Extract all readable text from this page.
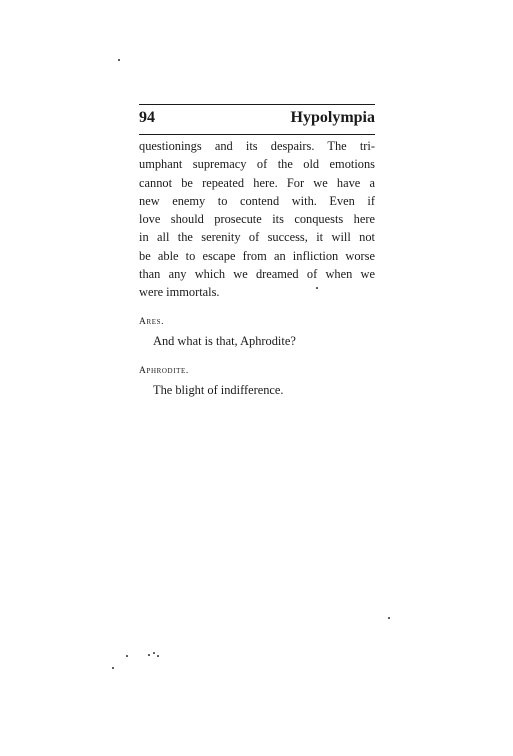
94	Hypolympia
questionings and its despairs. The tri-
umphant supremacy of the old emotions
cannot be repeated here. For we have a
new enemy to contend with. Even if
love should prosecute its conquests here
in all the serenity of success, it will not
be able to escape from an infliction worse
than any which we dreamed of when we
were immortals.
Ares.
And what is that, Aphrodite?
Aphrodite.
The blight of indifference.
